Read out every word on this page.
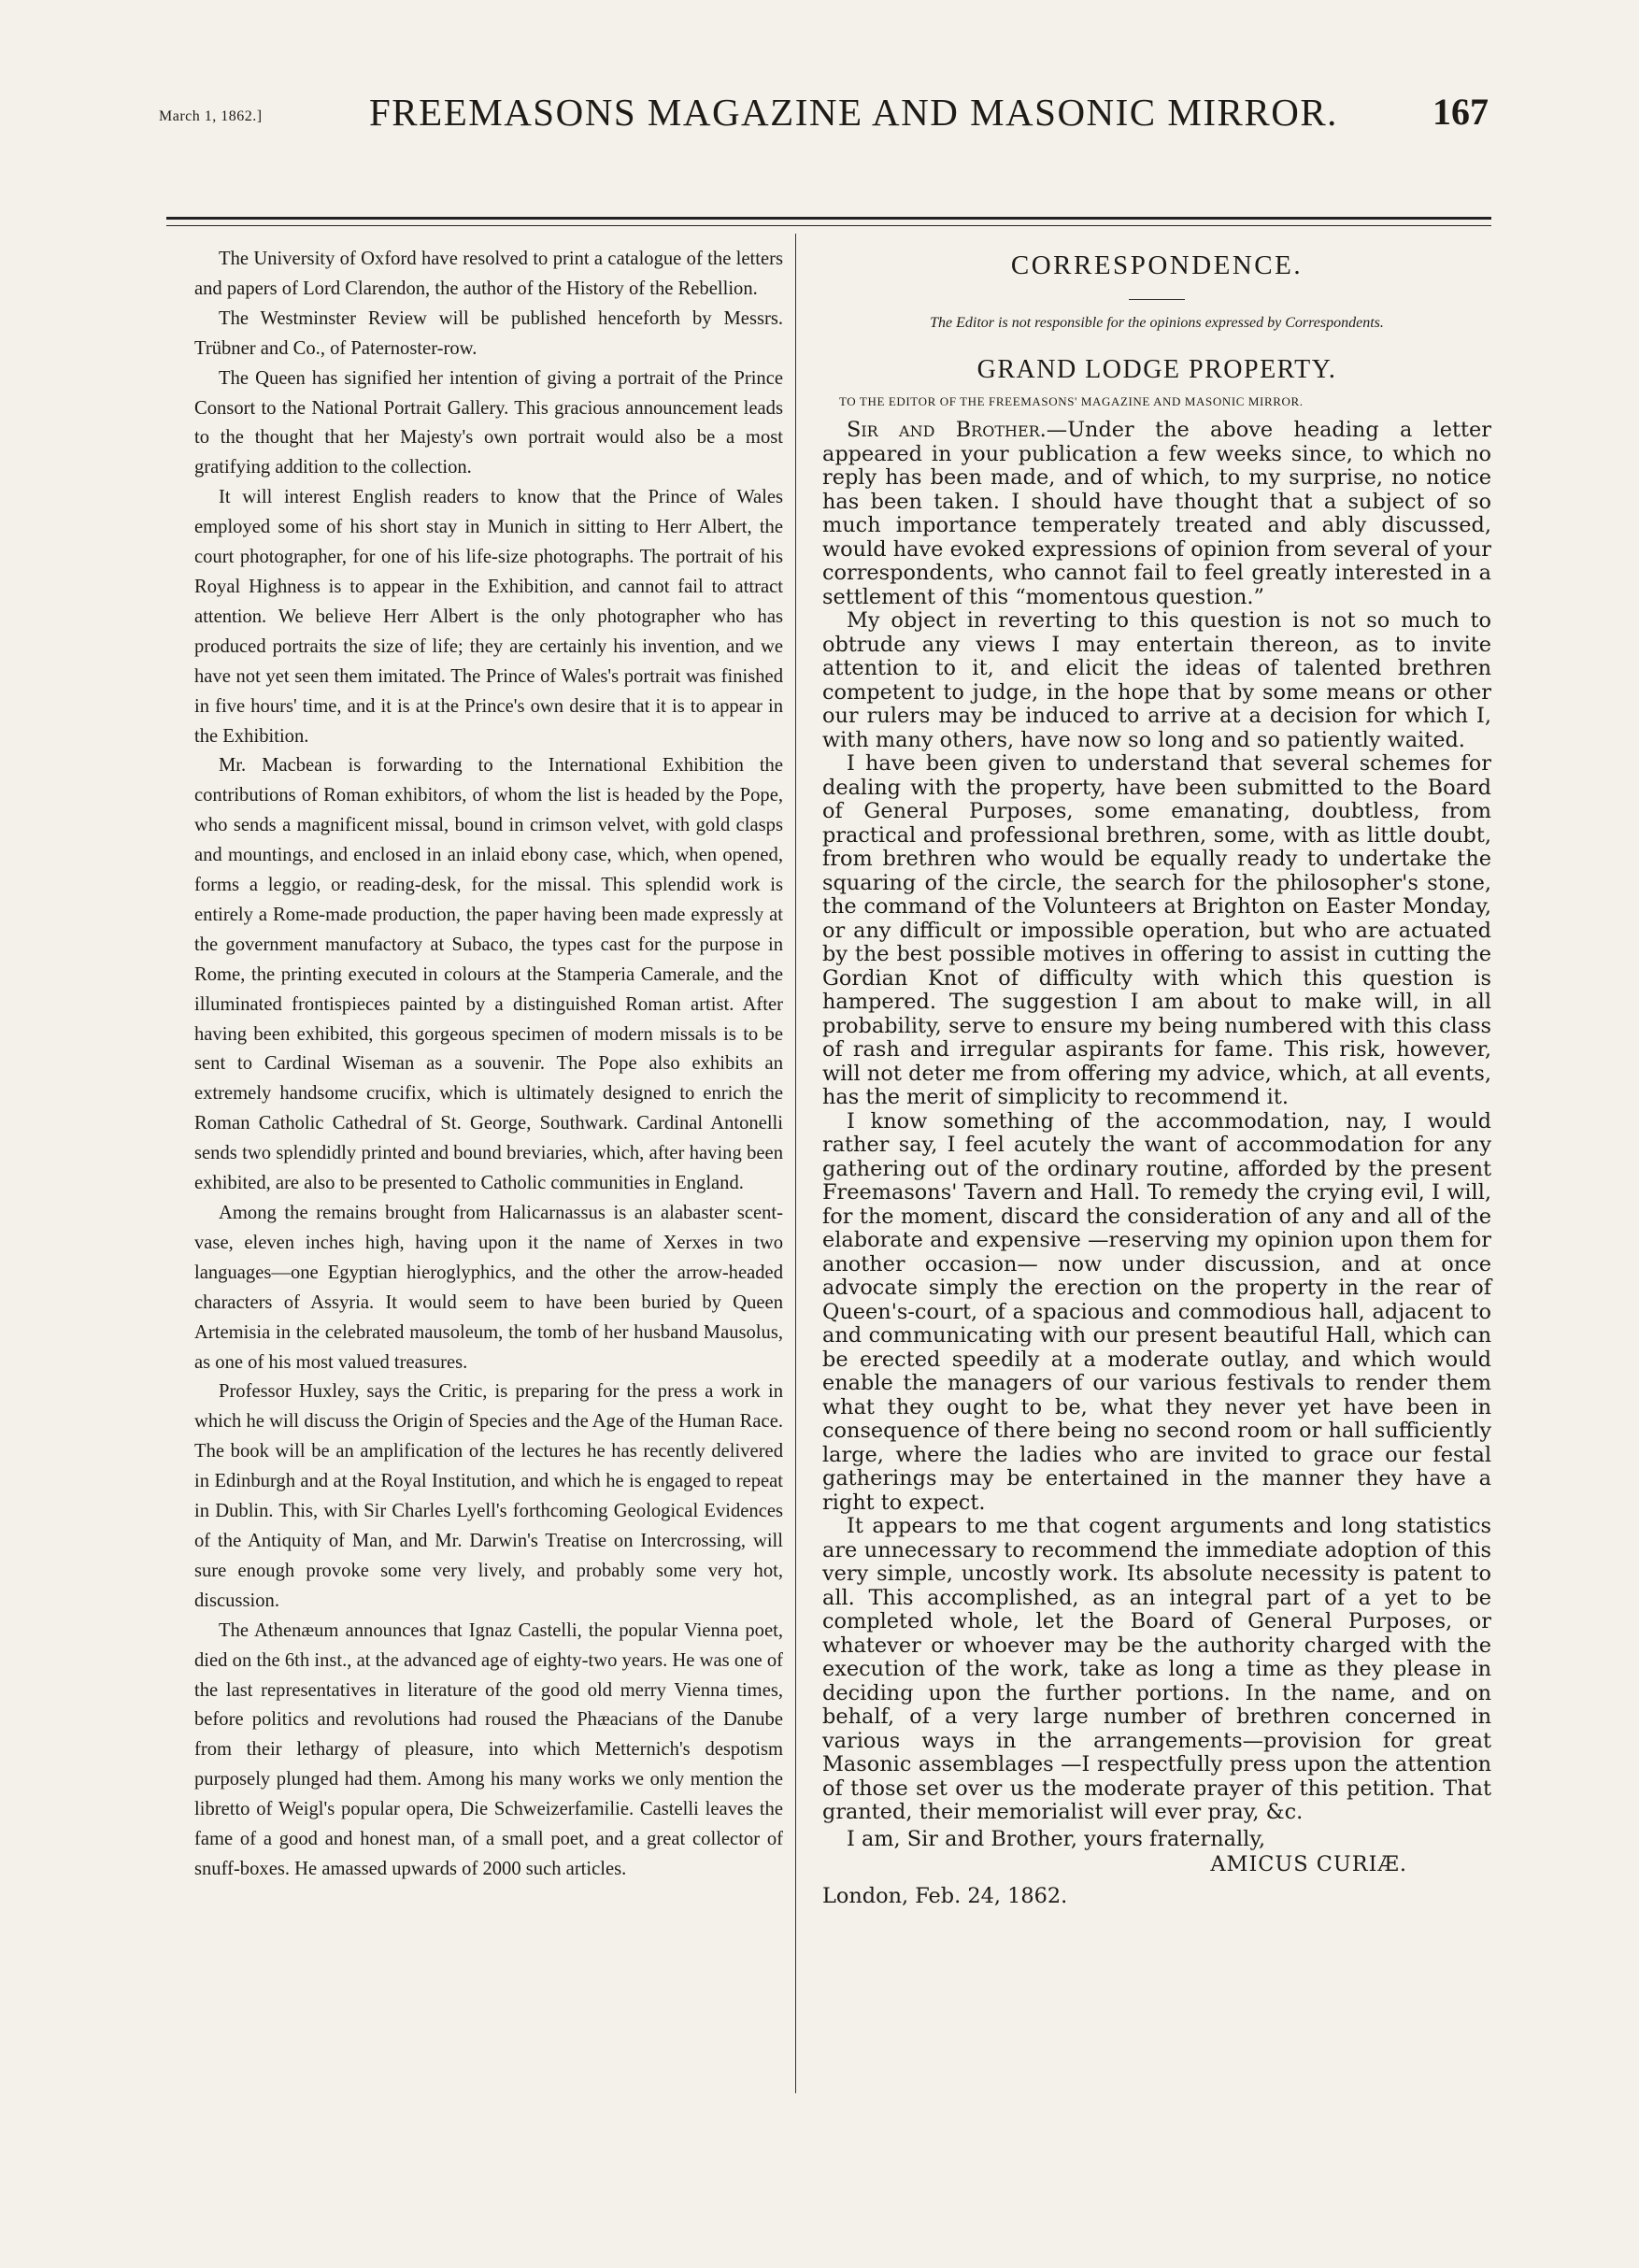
March 1, 1862.]	FREEMASONS MAGAZINE AND MASONIC MIRROR.	167

The University of Oxford have resolved to print a catalogue of the letters and papers of Lord Clarendon, the author of the History of the Rebellion.

The Westminster Review will be published henceforth by Messrs. Trübner and Co., of Paternoster-row.

The Queen has signified her intention of giving a portrait of the Prince Consort to the National Portrait Gallery. This gracious announcement leads to the thought that her Majesty's own portrait would also be a most gratifying addition to the collection.

It will interest English readers to know that the Prince of Wales employed some of his short stay in Munich in sitting to Herr Albert, the court photographer, for one of his life-size photographs. The portrait of his Royal Highness is to appear in the Exhibition, and cannot fail to attract attention. We believe Herr Albert is the only photographer who has produced portraits the size of life; they are certainly his invention, and we have not yet seen them imitated. The Prince of Wales's portrait was finished in five hours' time, and it is at the Prince's own desire that it is to appear in the Exhibition.

Mr. Macbean is forwarding to the International Exhibition the contributions of Roman exhibitors, of whom the list is headed by the Pope, who sends a magnificent missal, bound in crimson velvet, with gold clasps and mountings, and enclosed in an inlaid ebony case, which, when opened, forms a leggio, or reading-desk, for the missal. This splendid work is entirely a Rome-made production, the paper having been made expressly at the government manufactory at Subaco, the types cast for the purpose in Rome, the printing executed in colours at the Stamperia Camerale, and the illuminated frontispieces painted by a distinguished Roman artist. After having been exhibited, this gorgeous specimen of modern missals is to be sent to Cardinal Wiseman as a souvenir. The Pope also exhibits an extremely handsome crucifix, which is ultimately designed to enrich the Roman Catholic Cathedral of St. George, Southwark. Cardinal Antonelli sends two splendidly printed and bound breviaries, which, after having been exhibited, are also to be presented to Catholic communities in England.

Among the remains brought from Halicarnassus is an alabaster scent-vase, eleven inches high, having upon it the name of Xerxes in two languages—one Egyptian hieroglyphics, and the other the arrow-headed characters of Assyria. It would seem to have been buried by Queen Artemisia in the celebrated mausoleum, the tomb of her husband Mausolus, as one of his most valued treasures.

Professor Huxley, says the Critic, is preparing for the press a work in which he will discuss the Origin of Species and the Age of the Human Race. The book will be an amplification of the lectures he has recently delivered in Edinburgh and at the Royal Institution, and which he is engaged to repeat in Dublin. This, with Sir Charles Lyell's forthcoming Geological Evidences of the Antiquity of Man, and Mr. Darwin's Treatise on Intercrossing, will sure enough provoke some very lively, and probably some very hot, discussion.

The Athenæum announces that Ignaz Castelli, the popular Vienna poet, died on the 6th inst., at the advanced age of eighty-two years. He was one of the last representatives in literature of the good old merry Vienna times, before politics and revolutions had roused the Phæacians of the Danube from their lethargy of pleasure, into which Metternich's despotism purposely plunged had them. Among his many works we only mention the libretto of Weigl's popular opera, Die Schweizerfamilie. Castelli leaves the fame of a good and honest man, of a small poet, and a great collector of snuff-boxes. He amassed upwards of 2000 such articles.

CORRESPONDENCE.

The Editor is not responsible for the opinions expressed by Correspondents.

GRAND LODGE PROPERTY.
TO THE EDITOR OF THE FREEMASONS' MAGAZINE AND MASONIC MIRROR.

Sir and Brother.—Under the above heading a letter appeared in your publication a few weeks since, to which no reply has been made, and of which, to my surprise, no notice has been taken. I should have thought that a subject of so much importance temperately treated and ably discussed, would have evoked expressions of opinion from several of your correspondents, who cannot fail to feel greatly interested in a settlement of this “momentous question.”

My object in reverting to this question is not so much to obtrude any views I may entertain thereon, as to invite attention to it, and elicit the ideas of talented brethren competent to judge, in the hope that by some means or other our rulers may be induced to arrive at a decision for which I, with many others, have now so long and so patiently waited.

I have been given to understand that several schemes for dealing with the property, have been submitted to the Board of General Purposes, some emanating, doubtless, from practical and professional brethren, some, with as little doubt, from brethren who would be equally ready to undertake the squaring of the circle, the search for the philosopher's stone, the command of the Volunteers at Brighton on Easter Monday, or any difficult or impossible operation, but who are actuated by the best possible motives in offering to assist in cutting the Gordian Knot of difficulty with which this question is hampered. The suggestion I am about to make will, in all probability, serve to ensure my being numbered with this class of rash and irregular aspirants for fame. This risk, however, will not deter me from offering my advice, which, at all events, has the merit of simplicity to recommend it.

I know something of the accommodation, nay, I would rather say, I feel acutely the want of accommodation for any gathering out of the ordinary routine, afforded by the present Freemasons' Tavern and Hall. To remedy the crying evil, I will, for the moment, discard the consideration of any and all of the elaborate and expensive —reserving my opinion upon them for another occasion— now under discussion, and at once advocate simply the erection on the property in the rear of Queen's-court, of a spacious and commodious hall, adjacent to and communicating with our present beautiful Hall, which can be erected speedily at a moderate outlay, and which would enable the managers of our various festivals to render them what they ought to be, what they never yet have been in consequence of there being no second room or hall sufficiently large, where the ladies who are invited to grace our festal gatherings may be entertained in the manner they have a right to expect.

It appears to me that cogent arguments and long statistics are unnecessary to recommend the immediate adoption of this very simple, uncostly work. Its absolute necessity is patent to all. This accomplished, as an integral part of a yet to be completed whole, let the Board of General Purposes, or whatever or whoever may be the authority charged with the execution of the work, take as long a time as they please in deciding upon the further portions. In the name, and on behalf, of a very large number of brethren concerned in various ways in the arrangements—provision for great Masonic assemblages —I respectfully press upon the attention of those set over us the moderate prayer of this petition. That granted, their memorialist will ever pray, &c.

I am, Sir and Brother, yours fraternally,

AMICUS CURIÆ.

London, Feb. 24, 1862.
